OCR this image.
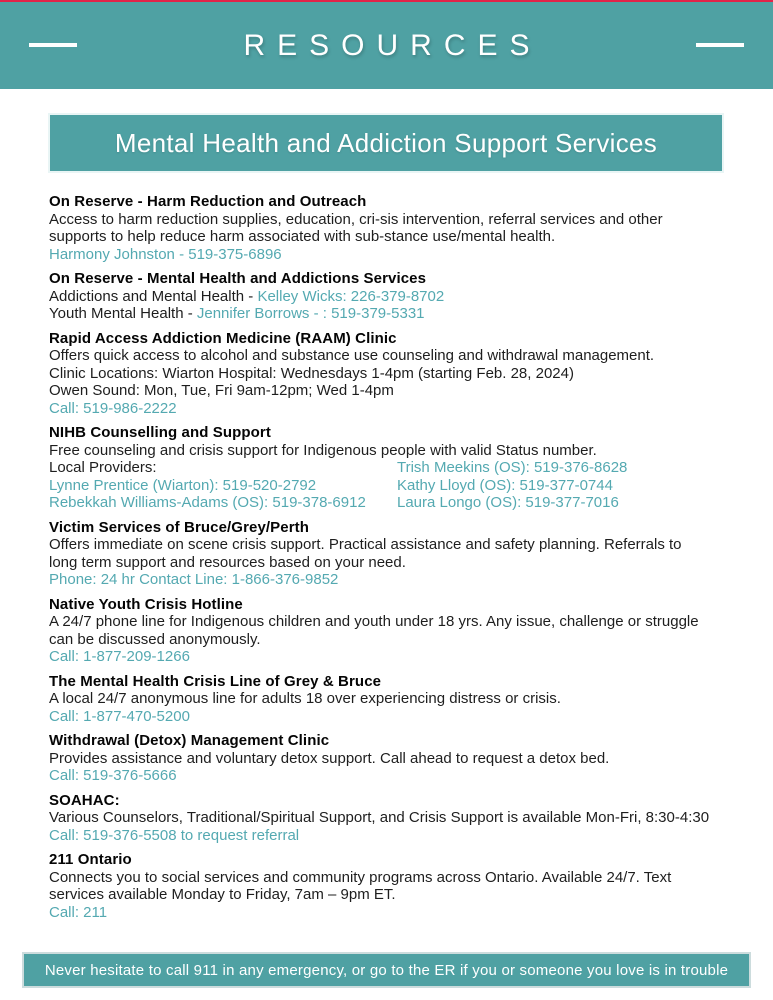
RESOURCES
Mental Health and Addiction Support Services
On Reserve - Harm Reduction and Outreach
Access to harm reduction supplies, education, cri-sis intervention, referral services and other
supports to help reduce harm associated with sub-stance use/mental health.
Harmony Johnston - 519-375-6896
On Reserve - Mental Health and Addictions Services
Addictions and Mental Health - Kelley Wicks: 226-379-8702
Youth Mental Health - Jennifer Borrows - : 519-379-5331
Rapid Access Addiction Medicine (RAAM) Clinic
Offers quick access to alcohol and substance use counseling and withdrawal management.
Clinic Locations: Wiarton Hospital: Wednesdays 1-4pm (starting Feb. 28, 2024)
Owen Sound: Mon, Tue, Fri 9am-12pm; Wed 1-4pm
Call: 519-986-2222
NIHB Counselling and Support
Free counseling and crisis support for Indigenous people with valid Status number.
Local Providers:
Lynne Prentice (Wiarton): 519-520-2792
Rebekkah Williams-Adams (OS): 519-378-6912
Trish Meekins (OS): 519-376-8628
Kathy Lloyd (OS): 519-377-0744
Laura Longo (OS): 519-377-7016
Victim Services of Bruce/Grey/Perth
Offers immediate on scene crisis support. Practical assistance and safety planning. Referrals to
long term support and resources based on your need.
Phone: 24 hr Contact Line: 1-866-376-9852
Native Youth Crisis Hotline
A 24/7 phone line for Indigenous children and youth under 18 yrs. Any issue, challenge or struggle
can be discussed anonymously.
Call: 1-877-209-1266
The Mental Health Crisis Line of Grey & Bruce
A local 24/7 anonymous line for adults 18 over experiencing distress or crisis.
Call: 1-877-470-5200
Withdrawal (Detox) Management Clinic
Provides assistance and voluntary detox support. Call ahead to request a detox bed.
Call: 519-376-5666
SOAHAC:
Various Counselors, Traditional/Spiritual Support, and Crisis Support is available Mon-Fri, 8:30-4:30
Call: 519-376-5508 to request referral
211 Ontario
Connects you to social services and community programs across Ontario. Available 24/7. Text
services available Monday to Friday, 7am – 9pm ET.
Call: 211
Never hesitate to call 911 in any emergency, or go to the ER if you or someone you love is in trouble
